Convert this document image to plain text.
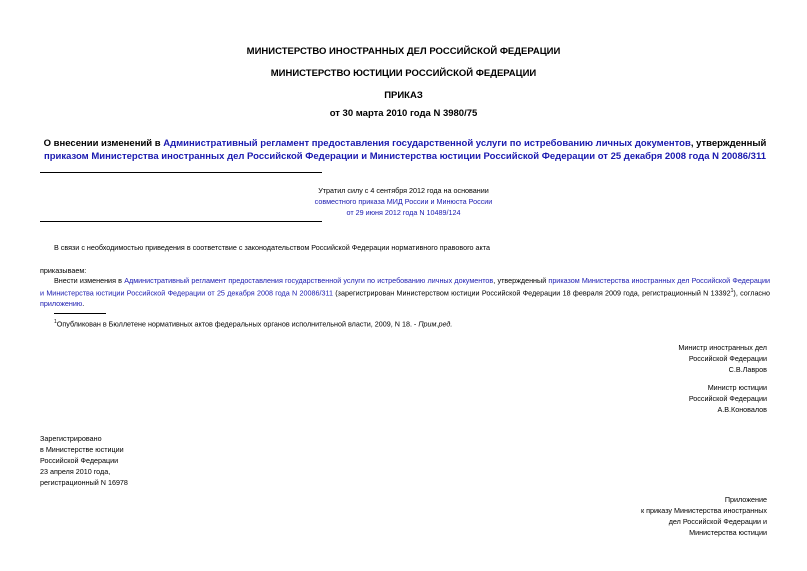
МИНИСТЕРСТВО ИНОСТРАННЫХ ДЕЛ РОССИЙСКОЙ ФЕДЕРАЦИИ
МИНИСТЕРСТВО ЮСТИЦИИ РОССИЙСКОЙ ФЕДЕРАЦИИ
ПРИКАЗ
от 30 марта 2010 года N 3980/75
О внесении изменений в Административный регламент предоставления государственной услуги по истребованию личных документов, утвержденный приказом Министерства иностранных дел Российской Федерации и Министерства юстиции Российской Федерации от 25 декабря 2008 года N 20086/311
Утратил силу с 4 сентября 2012 года на основании
совместного приказа МИД России и Минюста России
от 29 июня 2012 года N 10489/124
В связи с необходимостью приведения в соответствие с законодательством Российской Федерации нормативного правового акта
приказываем:
Внести изменения в Административный регламент предоставления государственной услуги по истребованию личных документов, утвержденный приказом Министерства иностранных дел Российской Федерации и Министерства юстиции Российской Федерации от 25 декабря 2008 года N 20086/311 (зарегистрирован Министерством юстиции Российской Федерации 18 февраля 2009 года, регистрационный N 13392$^1$), согласно приложению.
$^1$Опубликован в Бюллетене нормативных актов федеральных органов исполнительной власти, 2009, N 18. - Прим.ред.
Министр иностранных дел
Российской Федерации
С.В.Лавров
Министр юстиции
Российской Федерации
А.В.Коновалов
Зарегистрировано
в Министерстве юстиции
Российской Федерации
23 апреля 2010 года,
регистрационный N 16978
Приложение
к приказу Министерства иностранных
дел Российской Федерации и
Министерства юстиции
